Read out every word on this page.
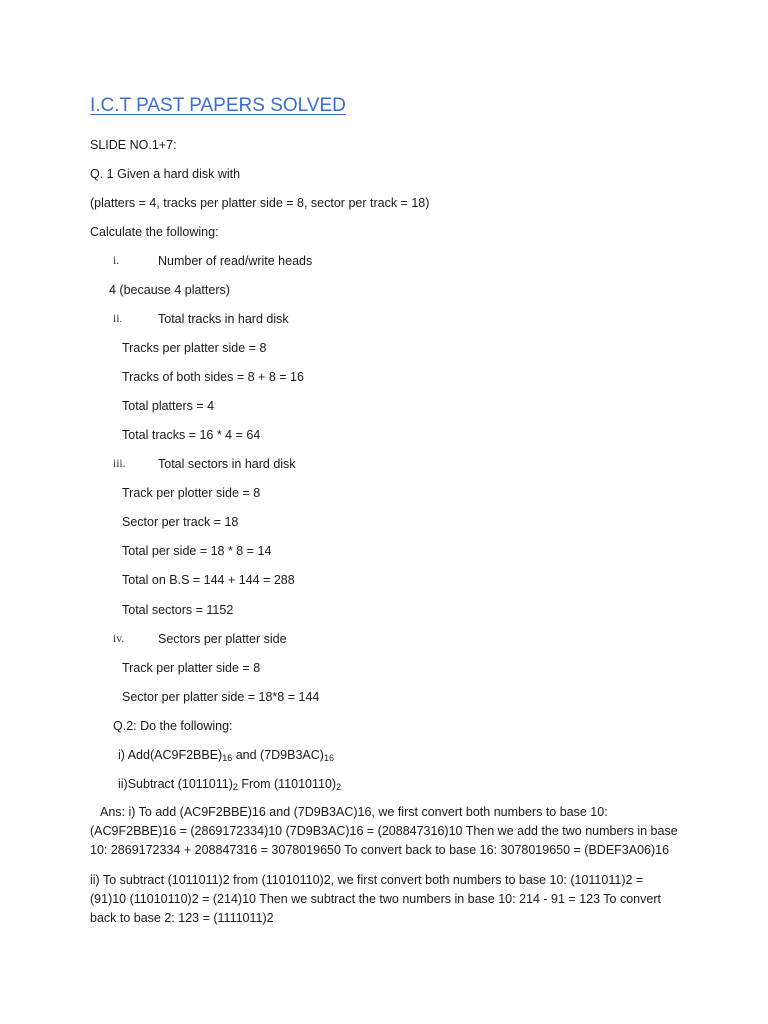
I.C.T PAST PAPERS SOLVED
SLIDE NO.1+7:
Q. 1 Given a hard disk with
(platters = 4, tracks per platter side = 8, sector per track = 18)
Calculate the following:
i.	Number of read/write heads
4 (because 4 platters)
ii.	Total tracks in hard disk
Tracks per platter side = 8
Tracks of both sides = 8 + 8 = 16
Total platters = 4
Total tracks = 16 * 4 = 64
iii.	Total sectors in hard disk
Track per plotter side = 8
Sector per track = 18
Total per side = 18 * 8 = 14
Total on B.S = 144 + 144 = 288
Total sectors = 1152
iv.	Sectors per platter side
Track per platter side = 8
Sector per platter side = 18*8 = 144
Q.2: Do the following:
i) $Add(AC9F2BBE)_{16}$ and $(7D9B3AC)_{16}$
ii)Subtract $(1011011)_2$ From $(11010110)_2$
Ans: i) To add (AC9F2BBE)16 and (7D9B3AC)16, we first convert both numbers to base 10: (AC9F2BBE)16 = (2869172334)10 (7D9B3AC)16 = (208847316)10 Then we add the two numbers in base 10: 2869172334 + 208847316 = 3078019650 To convert back to base 16: 3078019650 = (BDEF3A06)16
ii) To subtract (1011011)2 from (11010110)2, we first convert both numbers to base 10: (1011011)2 = (91)10 (11010110)2 = (214)10 Then we subtract the two numbers in base 10: 214 - 91 = 123 To convert back to base 2: 123 = (1111011)2
